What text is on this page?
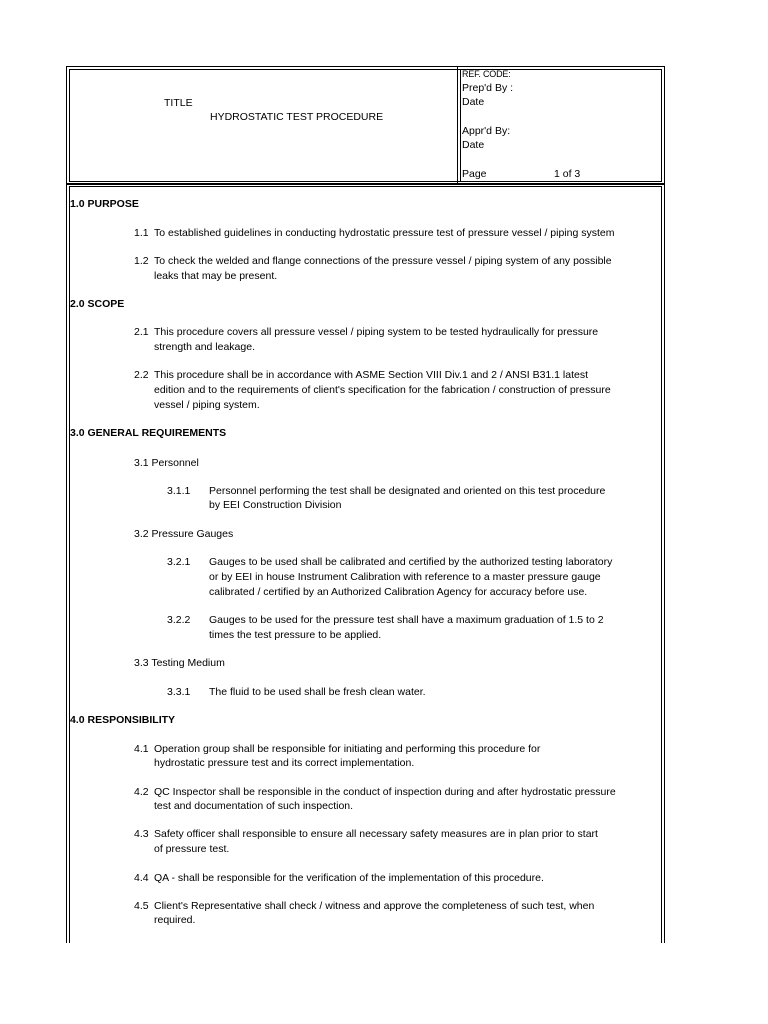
TITLE
HYDROSTATIC TEST PROCEDURE
REF. CODE:
Prep'd By :
Date
Appr'd By:
Date
Page	1 of 3
1.0 PURPOSE
1.1 To established guidelines in conducting hydrostatic pressure test of pressure vessel / piping system
1.2 To check the welded and flange connections of the pressure vessel / piping system of any possible
leaks that may be present.
2.0 SCOPE
2.1 This procedure covers all pressure vessel / piping system to be tested hydraulically for pressure
strength and leakage.
2.2 This procedure shall be in accordance with ASME Section VIII Div.1 and 2 / ANSI B31.1 latest
edition and to the requirements of client's specification for the fabrication / construction of pressure
vessel / piping system.
3.0 GENERAL REQUIREMENTS
3.1 Personnel
3.1.1 Personnel performing the test shall be designated and oriented on this test procedure
by EEI Construction Division
3.2 Pressure Gauges
3.2.1 Gauges to be used shall be calibrated and certified by the authorized testing laboratory
or by EEI in house Instrument Calibration with reference to a master pressure gauge
calibrated / certified by an Authorized Calibration Agency for accuracy before use.
3.2.2 Gauges to be used for the pressure test shall have a maximum graduation of 1.5 to 2
times the test pressure to be applied.
3.3 Testing Medium
3.3.1 The fluid to be used shall be fresh clean water.
4.0 RESPONSIBILITY
4.1 Operation group shall be responsible for initiating and performing this procedure for
hydrostatic pressure test and its correct implementation.
4.2 QC Inspector shall be responsible in the conduct of inspection during and after hydrostatic pressure
test and documentation of such inspection.
4.3 Safety officer shall responsible to ensure all necessary safety measures are in plan prior to start
of pressure test.
4.4 QA - shall be responsible for the verification of the implementation of this procedure.
4.5 Client's Representative shall check / witness and approve the completeness of such test, when
required.
